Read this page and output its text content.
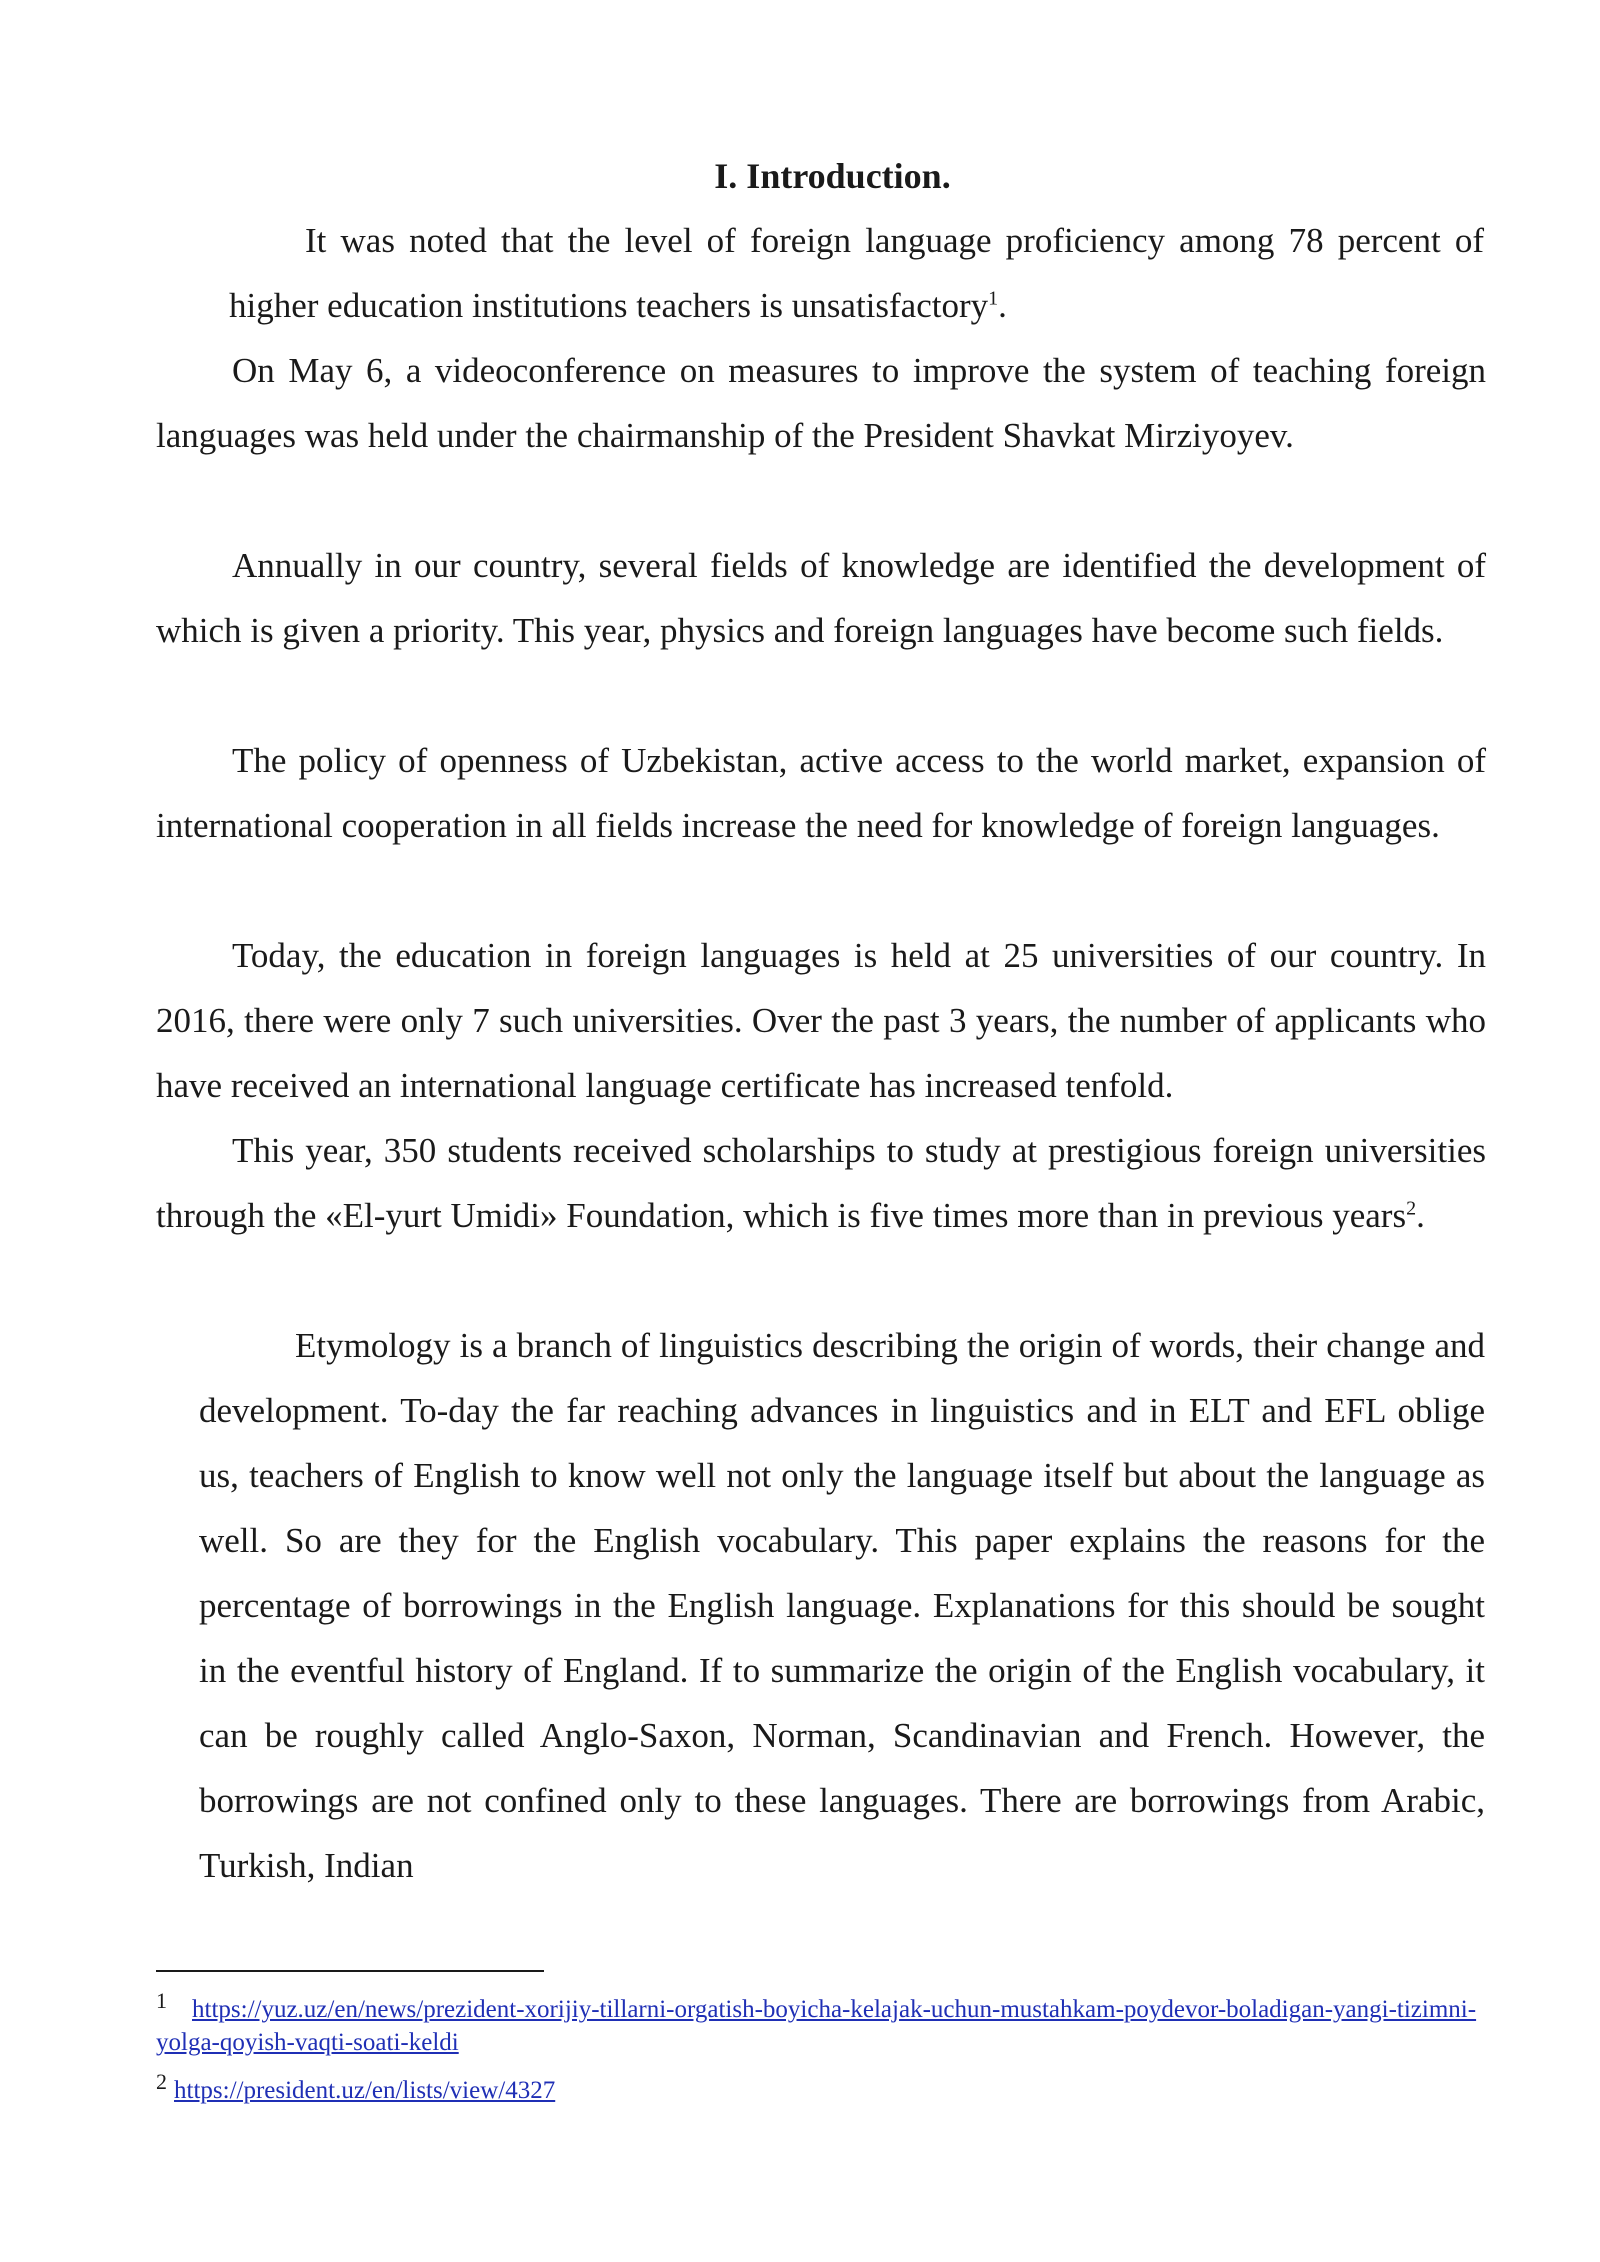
I. Introduction.

It was noted that the level of foreign language proficiency among 78 percent of higher education institutions teachers is unsatisfactory$^1$.

On May 6, a videoconference on measures to improve the system of teaching foreign languages was held under the chairmanship of the President Shavkat Mirziyoyev.

Annually in our country, several fields of knowledge are identified the development of which is given a priority. This year, physics and foreign languages have become such fields.

The policy of openness of Uzbekistan, active access to the world market, expansion of international cooperation in all fields increase the need for knowledge of foreign languages.

Today, the education in foreign languages is held at 25 universities of our country. In 2016, there were only 7 such universities. Over the past 3 years, the number of applicants who have received an international language certificate has increased tenfold.

This year, 350 students received scholarships to study at prestigious foreign universities through the «El-yurt Umidi» Foundation, which is five times more than in previous years$^2$.

Etymology is a branch of linguistics describing the origin of words, their change and development. To-day the far reaching advances in linguistics and in ELT and EFL oblige us, teachers of English to know well not only the language itself but about the language as well. So are they for the English vocabulary. This paper explains the reasons for the percentage of borrowings in the English language. Explanations for this should be sought in the eventful history of England. If to summarize the origin of the English vocabulary, it can be roughly called Anglo-Saxon, Norman, Scandinavian and French. However, the borrowings are not confined only to these languages. There are borrowings from Arabic, Turkish, Indian

1 https://yuz.uz/en/news/prezident-xorijiy-tillarni-orgatish-boyicha-kelajak-uchun-mustahkam-poydevor-boladigan-yangi-tizimni-yolga-qoyish-vaqti-soati-keldi

2 https://president.uz/en/lists/view/4327
